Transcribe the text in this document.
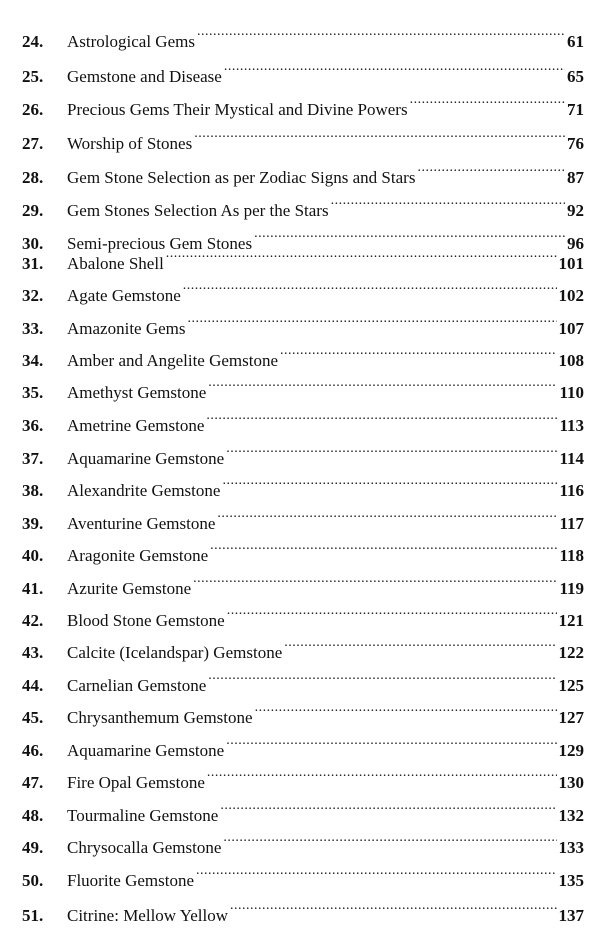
24.	Astrological Gems .....	61
25.	Gemstone and Disease .....	65
26.	Precious Gems Their Mystical and Divine Powers .....	71
27.	Worship of Stones .....	76
28.	Gem Stone Selection as per Zodiac Signs and Stars .....	87
29.	Gem Stones Selection As per the Stars .....	92
30.	Semi-precious Gem Stones .....	96
31.	Abalone Shell .....	101
32.	Agate Gemstone .....	102
33.	Amazonite Gems .....	107
34.	Amber and Angelite Gemstone .....	108
35.	Amethyst Gemstone .....	110
36.	Ametrine Gemstone .....	113
37.	Aquamarine Gemstone .....	114
38.	Alexandrite Gemstone .....	116
39.	Aventurine Gemstone .....	117
40.	Aragonite Gemstone .....	118
41.	Azurite Gemstone .....	119
42.	Blood Stone Gemstone .....	121
43.	Calcite (Icelandspar) Gemstone .....	122
44.	Carnelian Gemstone .....	125
45.	Chrysanthemum Gemstone .....	127
46.	Aquamarine Gemstone .....	129
47.	Fire Opal Gemstone .....	130
48.	Tourmaline Gemstone .....	132
49.	Chrysocalla Gemstone .....	133
50.	Fluorite Gemstone .....	135
51.	Citrine: Mellow Yellow .....	137
